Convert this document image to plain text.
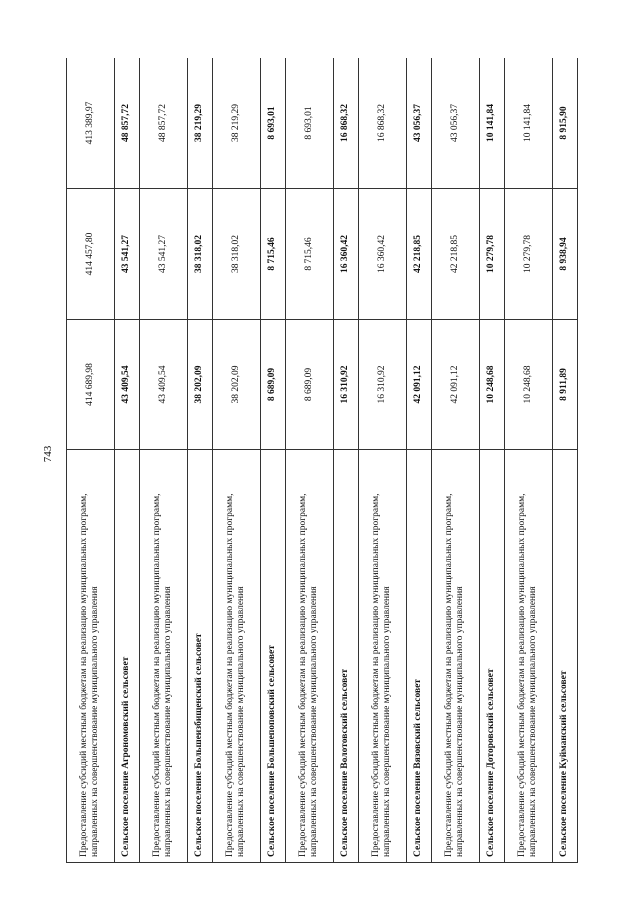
743
Предоставление субсидий местным бюджетам на реализацию муниципальных программ, направленных на совершенствование муниципального управления	414 689,98	414 457,80	413 389,97
Сельское поселение Агрономовский сельсовет	43 409,54	43 541,27	48 857,72
Предоставление субсидий местным бюджетам на реализацию муниципальных программ, направленных на совершенствование муниципального управления	43 409,54	43 541,27	48 857,72
Сельское поселение Большеизбищенский сельсовет	38 202,09	38 318,02	38 219,29
Предоставление субсидий местным бюджетам на реализацию муниципальных программ, направленных на совершенствование муниципального управления	38 202,09	38 318,02	38 219,29
Сельское поселение Большепоповский сельсовет	8 689,09	8 715,46	8 693,01
Предоставление субсидий местным бюджетам на реализацию муниципальных программ, направленных на совершенствование муниципального управления	8 689,09	8 715,46	8 693,01
Сельское поселение Волотовский сельсовет	16 310,92	16 360,42	16 868,32
Предоставление субсидий местным бюджетам на реализацию муниципальных программ, направленных на совершенствование муниципального управления	16 310,92	16 360,42	16 868,32
Сельское поселение Вязовский сельсовет	42 091,12	42 218,85	43 056,37
Предоставление субсидий местным бюджетам на реализацию муниципальных программ, направленных на совершенствование муниципального управления	42 091,12	42 218,85	43 056,37
Сельское поселение Доторовский сельсовет	10 248,68	10 279,78	10 141,84
Предоставление субсидий местным бюджетам на реализацию муниципальных программ, направленных на совершенствование муниципального управления	10 248,68	10 279,78	10 141,84
Сельское поселение Куйманский сельсовет	8 911,89	8 938,94	8 915,90
